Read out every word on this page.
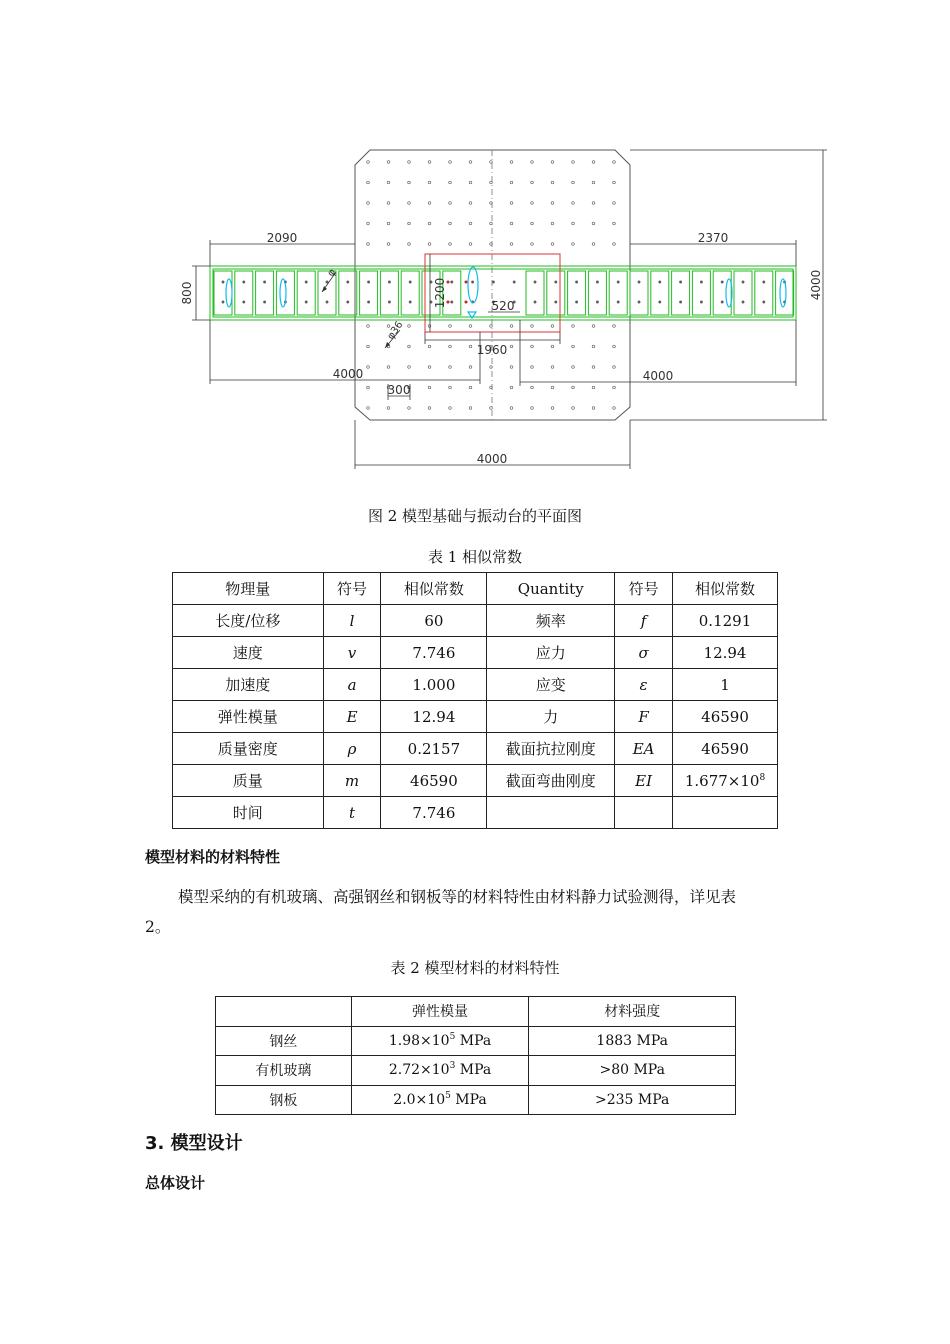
2090	2370
800	4000
1200	520
1960
4000	4000
300
4000
φ36
φ
图 2 模型基础与振动台的平面图
表 1 相似常数
物理量	符号	相似常数	Quantity	符号	相似常数
长度/位移	l	60	频率	f	0.1291
速度	v	7.746	应力	σ	12.94
加速度	a	1.000	应变	ε	1
弹性模量	E	12.94	力	F	46590
质量密度	ρ	0.2157	截面抗拉刚度	EA	46590
质量	m	46590	截面弯曲刚度	EI	$1.677\times 10^8$
时间	t	7.746			
模型材料的材料特性
模型采纳的有机玻璃、高强钢丝和钢板等的材料特性由材料静力试验测得，详见表
2。
表 2 模型材料的材料特性
	弹性模量	材料强度
钢丝	$1.98\times 10^5$ MPa	1883 MPa
有机玻璃	$2.72\times 10^3$ MPa	>80 MPa
钢板	$2.0\times 10^5$ MPa	>235 MPa
3. 模型设计
总体设计
